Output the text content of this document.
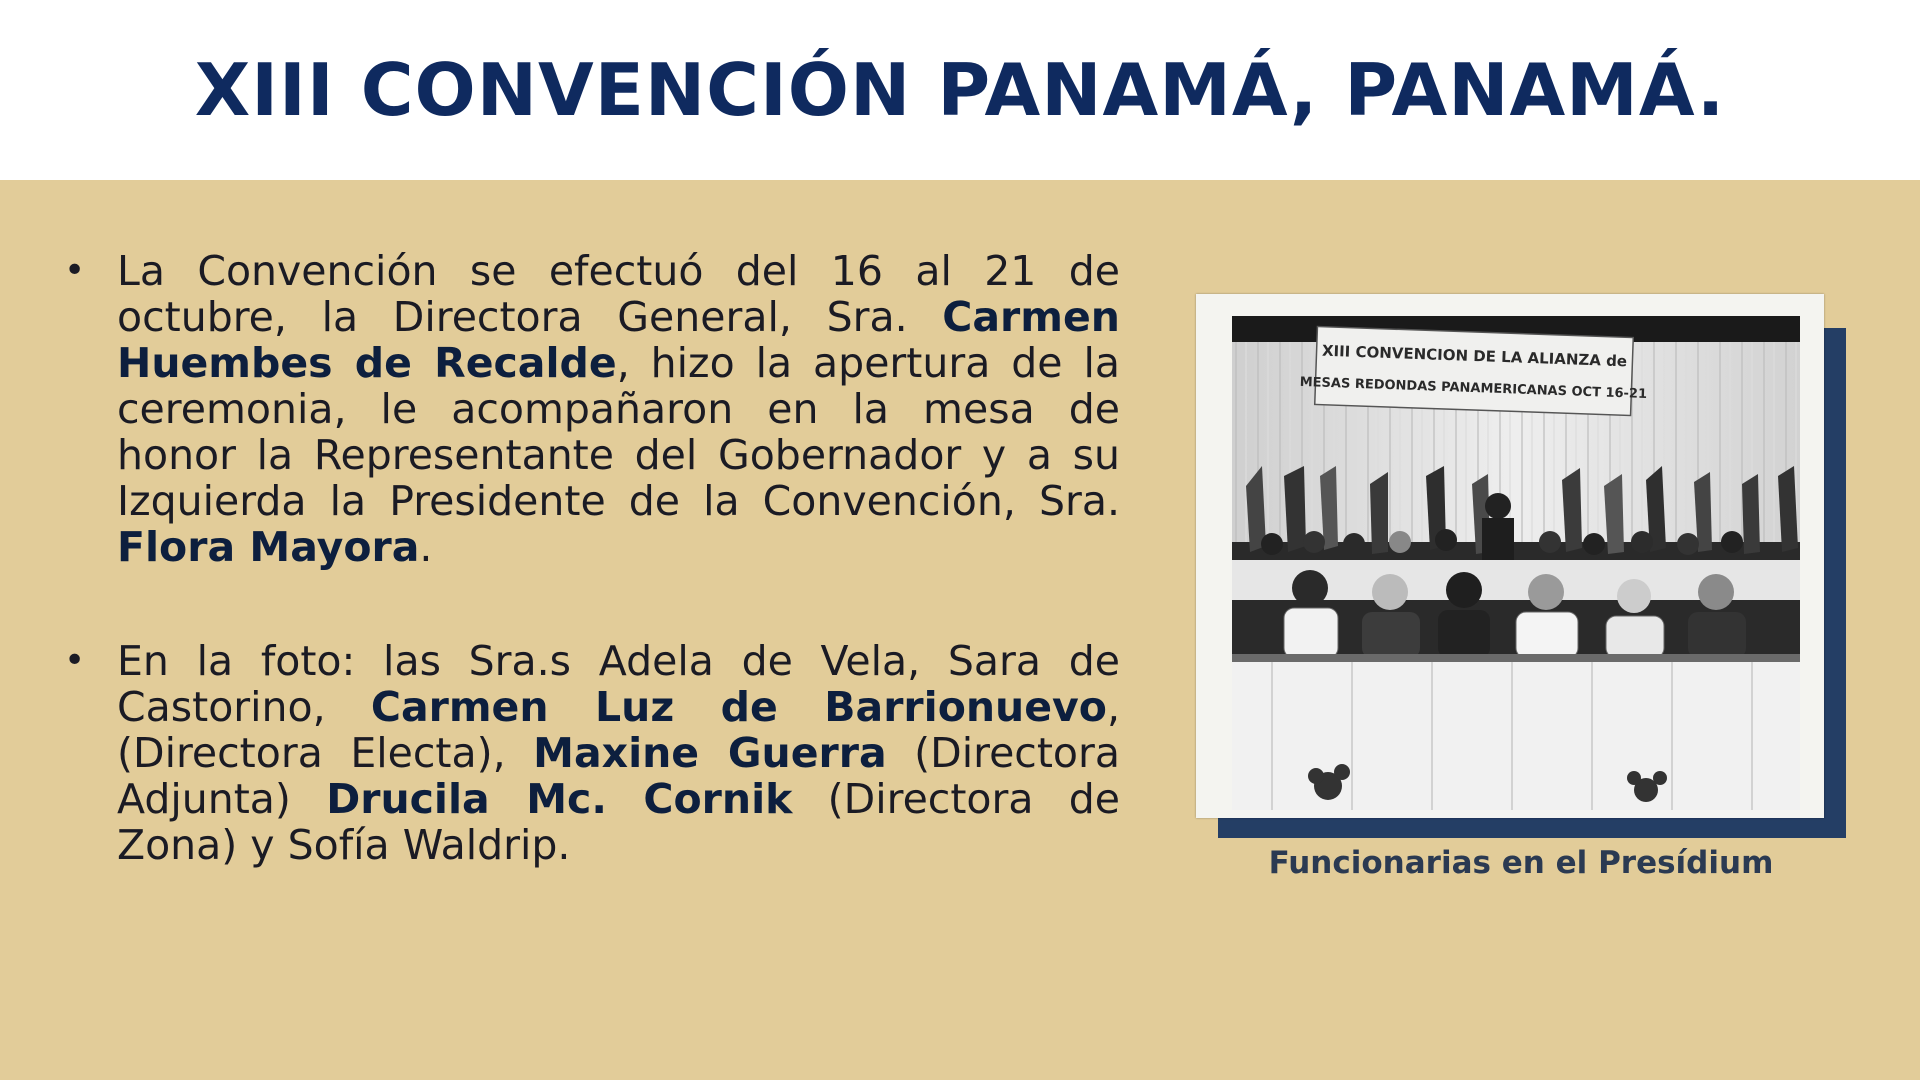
XIII CONVENCIÓN PANAMÁ, PANAMÁ.

• La Convención se efectuó del 16 al 21 de octubre, la Directora General, Sra. Carmen Huembes de Recalde, hizo la apertura de la ceremonia, le acompañaron en la mesa de honor la Representante del Gobernador y a su Izquierda la Presidente de la Convención, Sra. Flora Mayora.

• En la foto: las Sra.s Adela de Vela, Sara de Castorino, Carmen Luz de Barrionuevo, (Directora Electa), Maxine Guerra (Directora Adjunta) Drucila Mc. Cornik (Directora de Zona) y Sofía Waldrip.

XIII CONVENCION DE LA ALIANZA de
MESAS REDONDAS PANAMERICANAS OCT 16-21
Funcionarias en el Presídium
